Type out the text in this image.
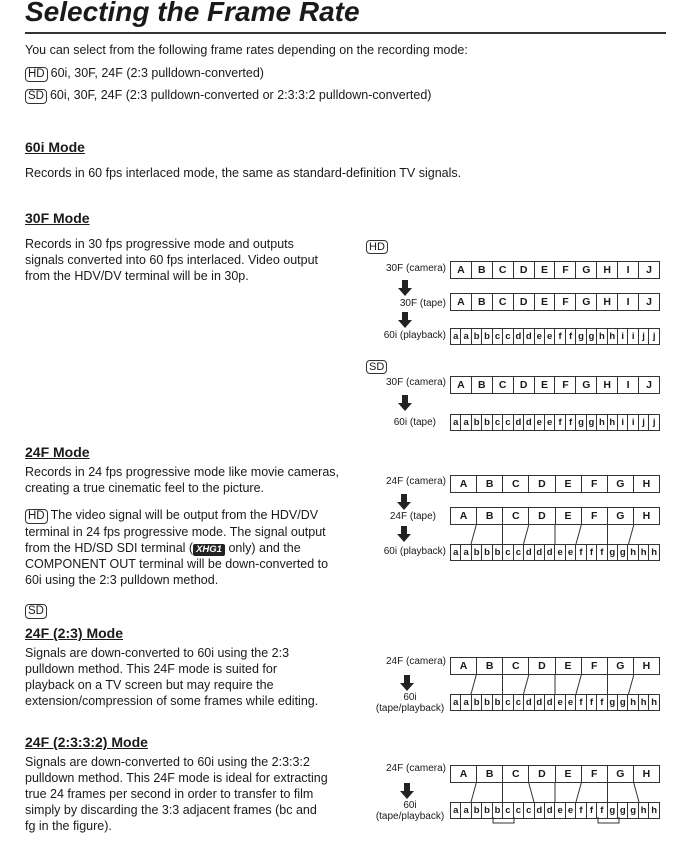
Selecting the Frame Rate
You can select from the following frame rates depending on the recording mode:
HD 60i, 30F, 24F (2:3 pulldown-converted)
SD 60i, 30F, 24F (2:3 pulldown-converted or 2:3:3:2 pulldown-converted)
60i Mode
Records in 60 fps interlaced mode, the same as standard-definition TV signals.
30F Mode
Records in 30 fps progressive mode and outputs
signals converted into 60 fps interlaced. Video output
from the HDV/DV terminal will be in 30p.
HD
30F (camera) A	B	C	D	E	F	G	H	I	J
30F (tape) A	B	C	D	E	F	G	H	I	J
60i (playback) a	a	b	b	c	c	d	d	e	e	f	f	g	g	h	h	i	i	j	j
SD
30F (camera) A	B	C	D	E	F	G	H	I	J
60i (tape) a	a	b	b	c	c	d	d	e	e	f	f	g	g	h	h	i	i	j	j
24F Mode
Records in 24 fps progressive mode like movie cameras,
creating a true cinematic feel to the picture.
HD The video signal will be output from the HDV/DV
terminal in 24 fps progressive mode. The signal output
from the HD/SD SDI terminal ( XHG1 only) and the
COMPONENT OUT terminal will be down-converted to
60i using the 2:3 pulldown method.
SD
24F (camera) A	B	C	D	E	F	G	H
24F (tape) A	B	C	D	E	F	G	H
60i (playback) a	a	b	b	b	c	c	d	d	d	e	e	f	f	f	g	g	h	h	h
24F (2:3) Mode
Signals are down-converted to 60i using the 2:3
pulldown method. This 24F mode is suited for
playback on a TV screen but may require the
extension/compression of some frames while editing.
24F (camera) A	B	C	D	E	F	G	H
60i
(tape/playback)
a	a	b	b	b	c	c	d	d	d	e	e	f	f	f	g	g	h	h	h
24F (2:3:3:2) Mode
Signals are down-converted to 60i using the 2:3:3:2
pulldown method. This 24F mode is ideal for extracting
true 24 frames per second in order to transfer to film
simply by discarding the 3:3 adjacent frames (bc and
fg in the figure).
24F (camera) A	B	C	D	E	F	G	H
60i
(tape/playback)
a	a	b	b	b	c	c	c	d	d	e	e	f	f	f	g	g	g	h	h
